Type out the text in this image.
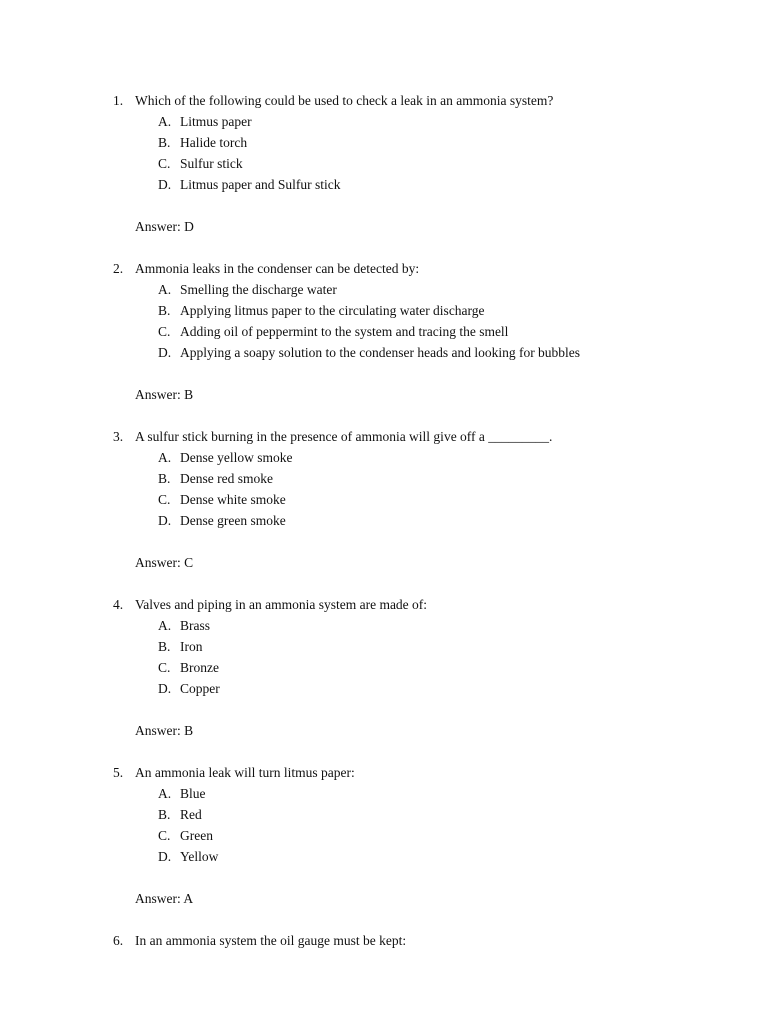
1. Which of the following could be used to check a leak in an ammonia system?
A. Litmus paper
B. Halide torch
C. Sulfur stick
D. Litmus paper and Sulfur stick
Answer: D
2. Ammonia leaks in the condenser can be detected by:
A. Smelling the discharge water
B. Applying litmus paper to the circulating water discharge
C. Adding oil of peppermint to the system and tracing the smell
D. Applying a soapy solution to the condenser heads and looking for bubbles
Answer: B
3. A sulfur stick burning in the presence of ammonia will give off a _________.
A. Dense yellow smoke
B. Dense red smoke
C. Dense white smoke
D. Dense green smoke
Answer: C
4. Valves and piping in an ammonia system are made of:
A. Brass
B. Iron
C. Bronze
D. Copper
Answer: B
5. An ammonia leak will turn litmus paper:
A. Blue
B. Red
C. Green
D. Yellow
Answer: A
6. In an ammonia system the oil gauge must be kept:
